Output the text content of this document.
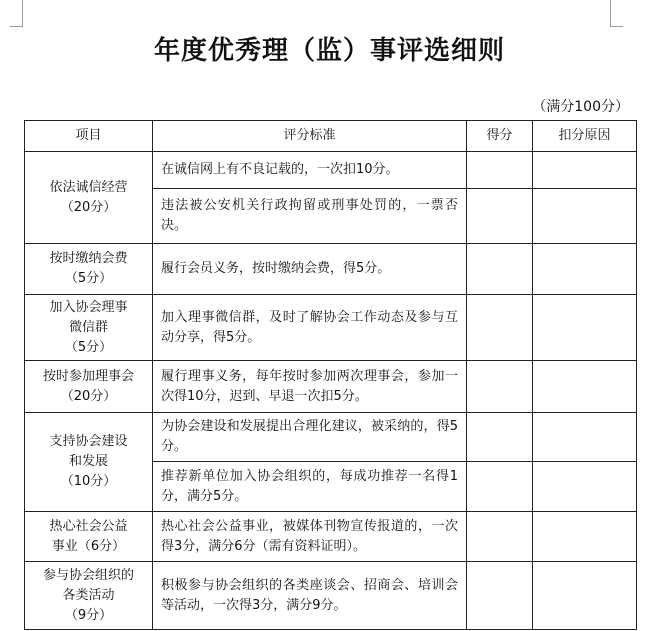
年度优秀理（监）事评选细则
（满分100分）
项目	评分标准	得分	扣分原因

依法诚信经营
（20分）	在诚信网上有不良记载的，一次扣10分。		
	违法被公安机关行政拘留或刑事处罚的，一票否决。		

按时缴纳会费
（5分）	履行会员义务，按时缴纳会费，得5分。		

加入协会理事
微信群
（5分）	加入理事微信群，及时了解协会工作动态及参与互动分享，得5分。		

按时参加理事会
（20分）	履行理事义务，每年按时参加两次理事会，参加一次得10分，迟到、早退一次扣5分。		

支持协会建设
和发展
（10分）	为协会建设和发展提出合理化建议，被采纳的，得5分。		
	推荐新单位加入协会组织的，每成功推荐一名得1分，满分5分。		

热心社会公益
事业（6分）	热心社会公益事业，被媒体刊物宣传报道的，一次得3分，满分6分（需有资料证明）。		

参与协会组织的
各类活动
（9分）	积极参与协会组织的各类座谈会、招商会、培训会等活动，一次得3分，满分9分。		
